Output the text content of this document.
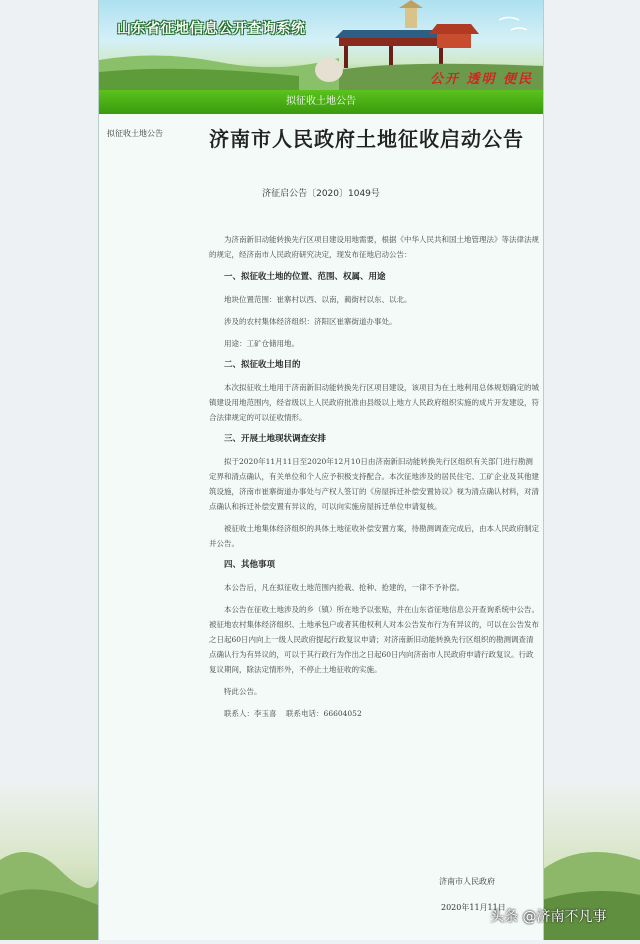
山东省征地信息公开查询系统
公开 透明 便民
拟征收土地公告
拟征收土地公告 济南市人民政府土地征收启动公告
济征启公告〔2020〕1049号

为济南新旧动能转换先行区项目建设用地需要，根据《中华人民共和国土地管理法》等法律法规的规定，经济南市人民政府研究决定，现发布征地启动公告：

一、拟征收土地的位置、范围、权属、用途

地块位置范围：崔寨村以西、以南，蔺街村以东、以北。

涉及的农村集体经济组织：济阳区崔寨街道办事处。

用途：工矿仓储用地。

二、拟征收土地目的

本次拟征收土地用于济南新旧动能转换先行区项目建设，该项目为在土地利用总体规划确定的城镇建设用地范围内，经省级以上人民政府批准由县级以上地方人民政府组织实施的成片开发建设，符合法律规定的可以征收情形。

三、开展土地现状调查安排

拟于2020年11月11日至2020年12月10日由济南新旧动能转换先行区组织有关部门进行勘测定界和清点确认，有关单位和个人应予积极支持配合。本次征地涉及的居民住宅、工矿企业及其他建筑设施，济南市崔寨街道办事处与产权人签订的《房屋拆迁补偿安置协议》视为清点确认材料，对清点确认和拆迁补偿安置有异议的，可以向实施房屋拆迁单位申请复核。

被征收土地集体经济组织的具体土地征收补偿安置方案，待勘测调查完成后，由本人民政府制定并公告。

四、其他事项

本公告后，凡在拟征收土地范围内抢栽、抢种、抢建的，一律不予补偿。

本公告在征收土地涉及的乡（镇）所在地予以张贴，并在山东省征地信息公开查询系统中公告。被征地农村集体经济组织、土地承包户或者其他权利人对本公告发布行为有异议的，可以在公告发布之日起60日内向上一级人民政府提起行政复议申请；对济南新旧动能转换先行区组织的勘测调查清点确认行为有异议的，可以于其行政行为作出之日起60日内向济南市人民政府申请行政复议。行政复议期间，除法定情形外，不停止土地征收的实施。

特此公告。

联系人：李玉喜 联系电话：66604052

济南市人民政府
2020年11月11日
头条 @济南不凡事
